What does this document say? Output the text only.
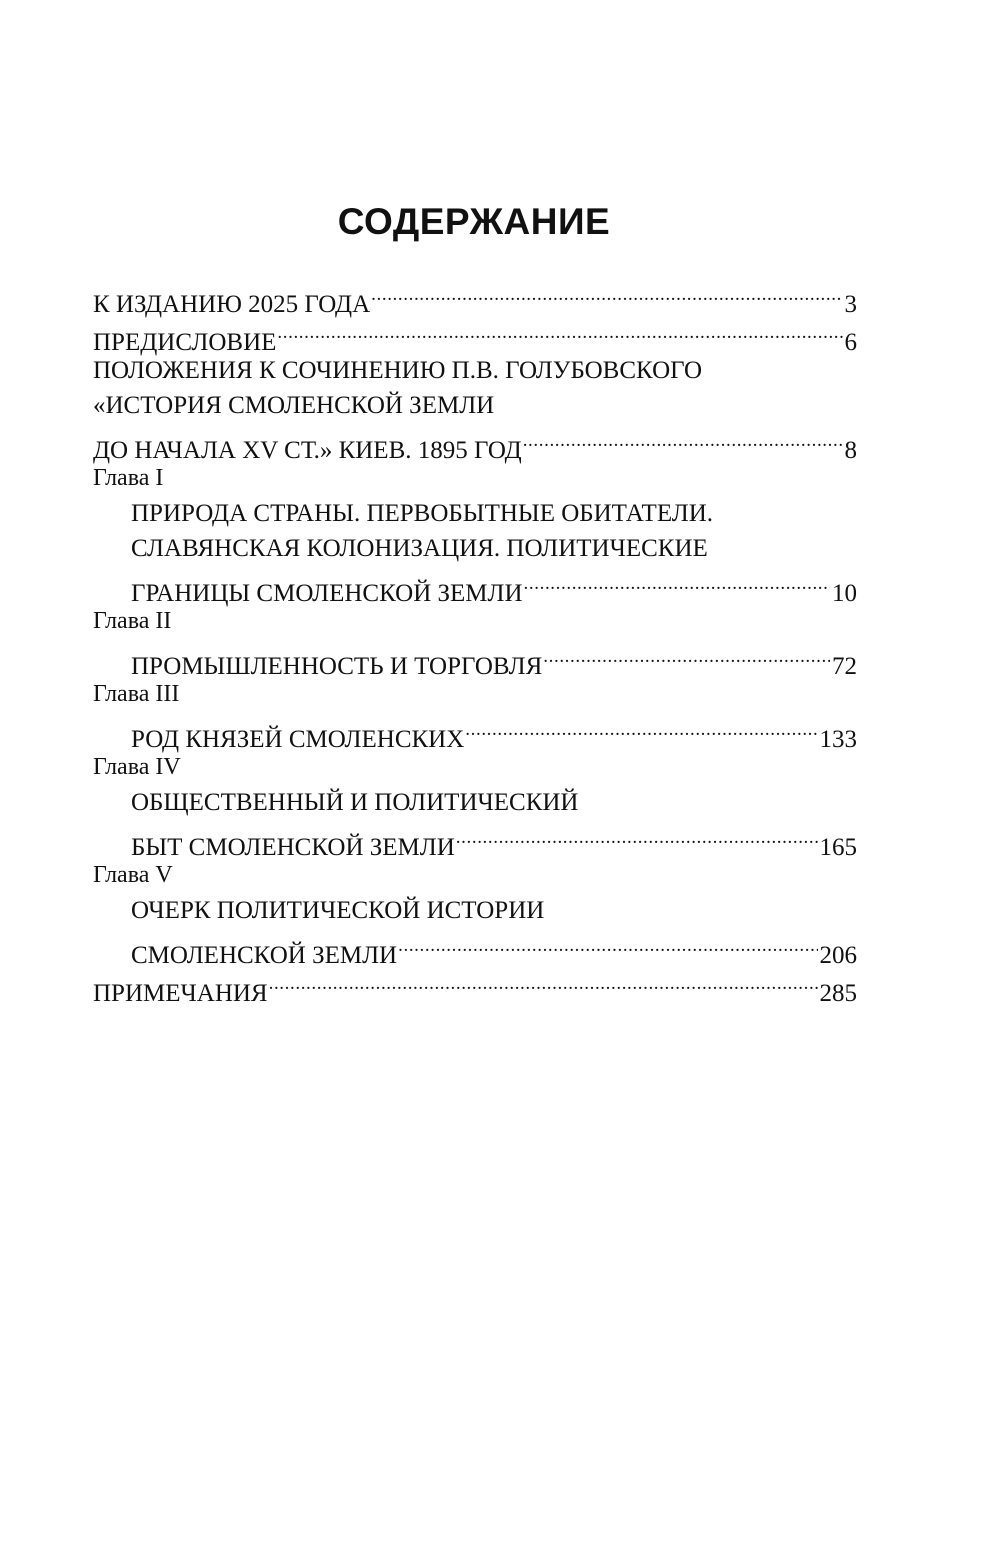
СОДЕРЖАНИЕ
К ИЗДАНИЮ 2025 ГОДА .....	3
ПРЕДИСЛОВИЕ .....	6
ПОЛОЖЕНИЯ К СОЧИНЕНИЮ П.В. ГОЛУБОВСКОГО
«ИСТОРИЯ СМОЛЕНСКОЙ ЗЕМЛИ
ДО НАЧАЛА XV СТ.» КИЕВ. 1895 ГОД .....	8
Глава I
ПРИРОДА СТРАНЫ. ПЕРВОБЫТНЫЕ ОБИТАТЕЛИ.
СЛАВЯНСКАЯ КОЛОНИЗАЦИЯ. ПОЛИТИЧЕСКИЕ
ГРАНИЦЫ СМОЛЕНСКОЙ ЗЕМЛИ .....	10
Глава II
ПРОМЫШЛЕННОСТЬ И ТОРГОВЛЯ .....	72
Глава III
РОД КНЯЗЕЙ СМОЛЕНСКИХ .....	133
Глава IV
ОБЩЕСТВЕННЫЙ И ПОЛИТИЧЕСКИЙ
БЫТ СМОЛЕНСКОЙ ЗЕМЛИ .....	165
Глава V
ОЧЕРК ПОЛИТИЧЕСКОЙ ИСТОРИИ
СМОЛЕНСКОЙ ЗЕМЛИ .....	206
ПРИМЕЧАНИЯ .....	285
